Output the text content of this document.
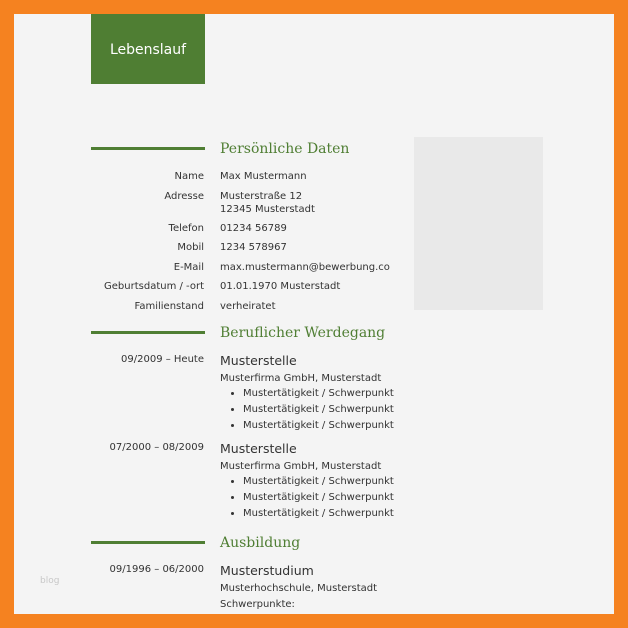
Lebenslauf
Persönliche Daten
Name Max Mustermann
Adresse Musterstraße 12
12345 Musterstadt
Telefon 01234 56789
Mobil 1234 578967
E-Mail max.mustermann@bewerbung.co
Geburtsdatum / -ort 01.01.1970 Musterstadt
Familienstand verheiratet
Beruflicher Werdegang
09/2009 – Heute Musterstelle
Musterfirma GmbH, Musterstadt
• Mustertätigkeit / Schwerpunkt
• Mustertätigkeit / Schwerpunkt
• Mustertätigkeit / Schwerpunkt
07/2000 – 08/2009 Musterstelle
Musterfirma GmbH, Musterstadt
• Mustertätigkeit / Schwerpunkt
• Mustertätigkeit / Schwerpunkt
• Mustertätigkeit / Schwerpunkt
Ausbildung
09/1996 – 06/2000 Musterstudium
Musterhochschule, Musterstadt
Schwerpunkte:
blog
